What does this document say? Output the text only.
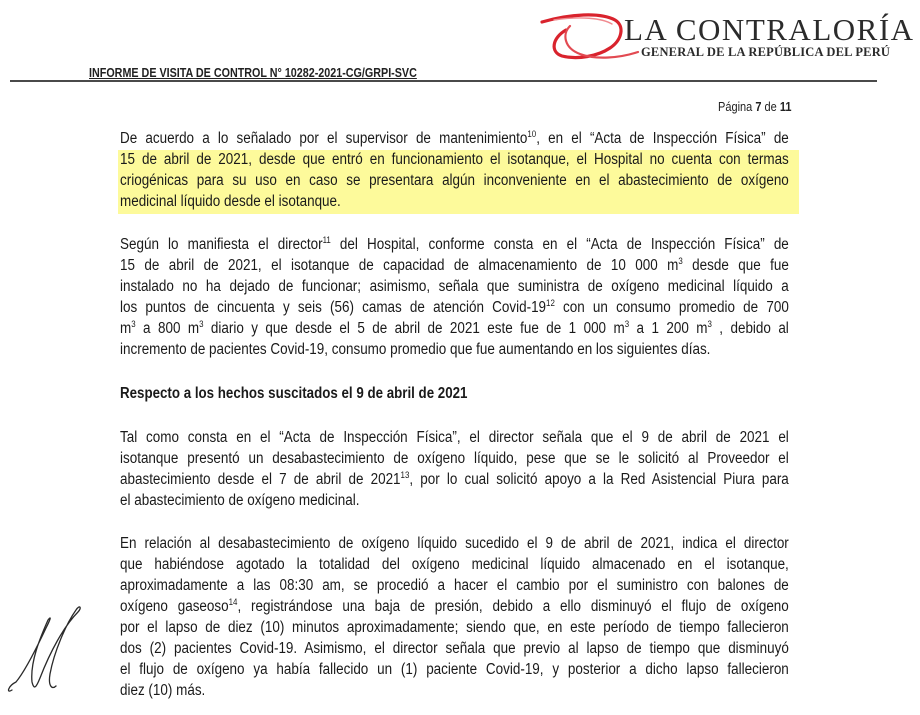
LA CONTRALORÍA
GENERAL DE LA REPÚBLICA DEL PERÚ
INFORME DE VISITA DE CONTROL N° 10282-2021-CG/GRPI-SVC
Página 7 de 11
De acuerdo a lo señalado por el supervisor de mantenimiento$^{10}$, en el “Acta de Inspección Física” de
15 de abril de 2021, desde que entró en funcionamiento el isotanque, el Hospital no cuenta con termas
criogénicas para su uso en caso se presentara algún inconveniente en el abastecimiento de oxígeno
medicinal líquido desde el isotanque.
Según lo manifiesta el director$^{11}$ del Hospital, conforme consta en el “Acta de Inspección Física” de
15 de abril de 2021, el isotanque de capacidad de almacenamiento de 10 000 $m^3$ desde que fue
instalado no ha dejado de funcionar; asimismo, señala que suministra de oxígeno medicinal líquido a
los puntos de cincuenta y seis (56) camas de atención Covid-$19^{12}$ con un consumo promedio de 700
$m^3$ a 800 $m^3$ diario y que desde el 5 de abril de 2021 este fue de 1 000 $m^3$ a 1 200 $m^3$ , debido al
incremento de pacientes Covid-19, consumo promedio que fue aumentando en los siguientes días.
Tal como consta en el “Acta de Inspección Física”, el director señala que el 9 de abril de 2021 el
isotanque presentó un desabastecimiento de oxígeno líquido, pese que se le solicitó al Proveedor el
abastecimiento desde el 7 de abril de 2021$^{13}$, por lo cual solicitó apoyo a la Red Asistencial Piura para
el abastecimiento de oxígeno medicinal.
En relación al desabastecimiento de oxígeno líquido sucedido el 9 de abril de 2021, indica el director
que habiéndose agotado la totalidad del oxígeno medicinal líquido almacenado en el isotanque,
aproximadamente a las 08:30 am, se procedió a hacer el cambio por el suministro con balones de
oxígeno gaseoso$^{14}$, registrándose una baja de presión, debido a ello disminuyó el flujo de oxígeno
por el lapso de diez (10) minutos aproximadamente; siendo que, en este período de tiempo fallecieron
dos (2) pacientes Covid-19. Asimismo, el director señala que previo al lapso de tiempo que disminuyó
el flujo de oxígeno ya había fallecido un (1) paciente Covid-19, y posterior a dicho lapso fallecieron
diez (10) más.
Respecto a los hechos suscitados el 9 de abril de 2021
